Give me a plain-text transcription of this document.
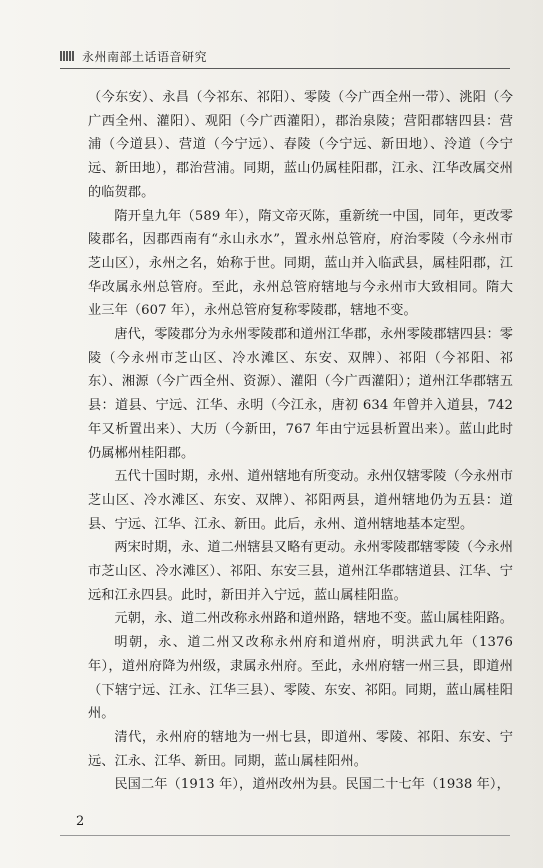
永州南部土话语音研究

（今东安）、永昌（今祁东、祁阳）、零陵（今广西全州一带）、洮阳（今广西全州、灌阳）、观阳（今广西灌阳），郡治泉陵；营阳郡辖四县：营浦（今道县）、营道（今宁远）、春陵（今宁远、新田地）、泠道（今宁远、新田地），郡治营浦。同期，蓝山仍属桂阳郡，江永、江华改属交州的临贺郡。

隋开皇九年（589 年），隋文帝灭陈，重新统一中国，同年，更改零陵郡名，因郡西南有“永山永水”，置永州总管府，府治零陵（今永州市芝山区），永州之名，始称于世。同期，蓝山并入临武县，属桂阳郡，江华改属永州总管府。至此，永州总管府辖地与今永州市大致相同。隋大业三年（607 年），永州总管府复称零陵郡，辖地不变。

唐代，零陵郡分为永州零陵郡和道州江华郡，永州零陵郡辖四县：零陵（今永州市芝山区、冷水滩区、东安、双牌）、祁阳（今祁阳、祁东）、湘源（今广西全州、资源）、灌阳（今广西灌阳）；道州江华郡辖五县：道县、宁远、江华、永明（今江永，唐初 634 年曾并入道县，742 年又析置出来）、大历（今新田，767 年由宁远县析置出来）。蓝山此时仍属郴州桂阳郡。

五代十国时期，永州、道州辖地有所变动。永州仅辖零陵（今永州市芝山区、冷水滩区、东安、双牌）、祁阳两县，道州辖地仍为五县：道县、宁远、江华、江永、新田。此后，永州、道州辖地基本定型。

两宋时期，永、道二州辖县又略有更动。永州零陵郡辖零陵（今永州市芝山区、冷水滩区）、祁阳、东安三县，道州江华郡辖道县、江华、宁远和江永四县。此时，新田并入宁远，蓝山属桂阳监。

元朝，永、道二州改称永州路和道州路，辖地不变。蓝山属桂阳路。

明朝，永、道二州又改称永州府和道州府，明洪武九年（1376 年），道州府降为州级，隶属永州府。至此，永州府辖一州三县，即道州（下辖宁远、江永、江华三县）、零陵、东安、祁阳。同期，蓝山属桂阳州。

清代，永州府的辖地为一州七县，即道州、零陵、祁阳、东安、宁远、江永、江华、新田。同期，蓝山属桂阳州。

民国二年（1913 年），道州改州为县。民国二十七年（1938 年），

2
